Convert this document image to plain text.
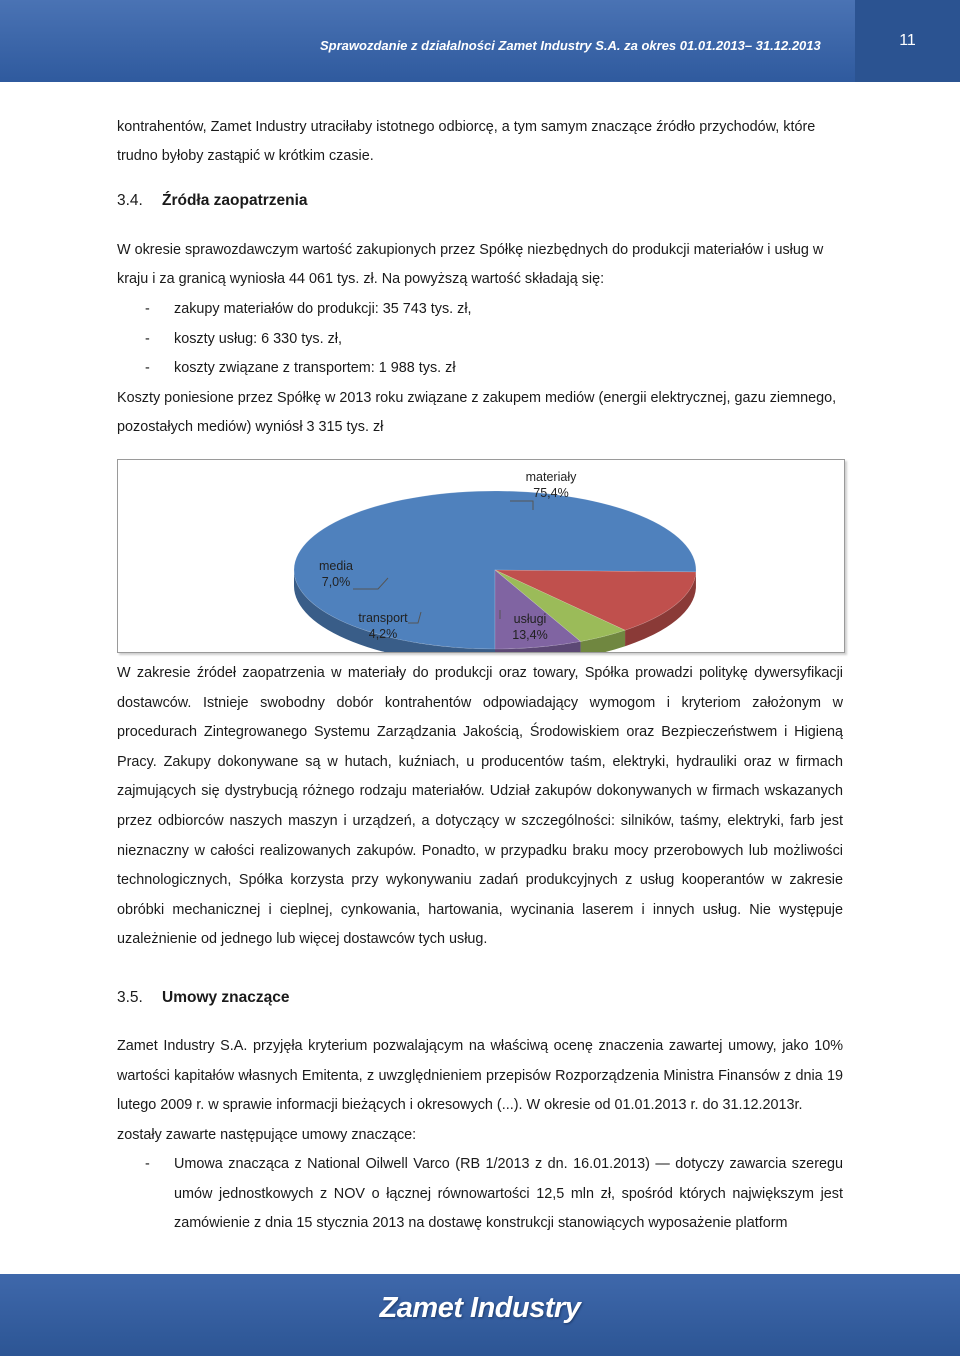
Sprawozdanie z działalności Zamet Industry S.A. za okres 01.01.2013– 31.12.2013	11

kontrahentów, Zamet Industry utraciłaby istotnego odbiorcę, a tym samym znaczące źródło przychodów, które

trudno byłoby zastąpić w krótkim czasie.

3.4. Źródła zaopatrzenia

W okresie sprawozdawczym wartość zakupionych przez Spółkę niezbędnych do produkcji materiałów i usług w

kraju i za granicą wyniosła 44 061 tys. zł. Na powyższą wartość składają się:

- zakupy materiałów do produkcji: 35 743 tys. zł,
- koszty usług: 6 330 tys. zł,
- koszty związane z transportem: 1 988 tys. zł

Koszty poniesione przez Spółkę w 2013 roku związane z zakupem mediów (energii elektrycznej, gazu ziemnego,

pozostałych mediów) wyniósł 3 315 tys. zł

materiały
75,4%
media
7,0%
transport
4,2%
usługi
13,4%

W zakresie źródeł zaopatrzenia w materiały do produkcji oraz towary, Spółka prowadzi politykę dywersyfikacji dostawców. Istnieje swobodny dobór kontrahentów odpowiadający wymogom i kryteriom założonym w procedurach Zintegrowanego Systemu Zarządzania Jakością, Środowiskiem oraz Bezpieczeństwem i Higieną Pracy. Zakupy dokonywane są w hutach, kuźniach, u producentów taśm, elektryki, hydrauliki oraz w firmach zajmujących się dystrybucją różnego rodzaju materiałów. Udział zakupów dokonywanych w firmach wskazanych przez odbiorców naszych maszyn i urządzeń, a dotyczący w szczególności: silników, taśmy, elektryki, farb jest nieznaczny w całości realizowanych zakupów. Ponadto, w przypadku braku mocy przerobowych lub możliwości technologicznych, Spółka korzysta przy wykonywaniu zadań produkcyjnych z usług kooperantów w zakresie obróbki mechanicznej i cieplnej, cynkowania, hartowania, wycinania laserem i innych usług. Nie występuje uzależnienie od jednego lub więcej dostawców tych usług.

3.5. Umowy znaczące

Zamet Industry S.A. przyjęła kryterium pozwalającym na właściwą ocenę znaczenia zawartej umowy, jako 10% wartości kapitałów własnych Emitenta, z uwzględnieniem przepisów Rozporządzenia Ministra Finansów z dnia 19 lutego 2009 r. w sprawie informacji bieżących i okresowych (...). W okresie od 01.01.2013 r. do 31.12.2013r.

zostały zawarte następujące umowy znaczące:

- Umowa znacząca z National Oilwell Varco (RB 1/2013 z dn. 16.01.2013) — dotyczy zawarcia szeregu umów jednostkowych z NOV o łącznej równowartości 12,5 mln zł, spośród których największym jest zamówienie z dnia 15 stycznia 2013 na dostawę konstrukcji stanowiących wyposażenie platform
Zamet Industry
